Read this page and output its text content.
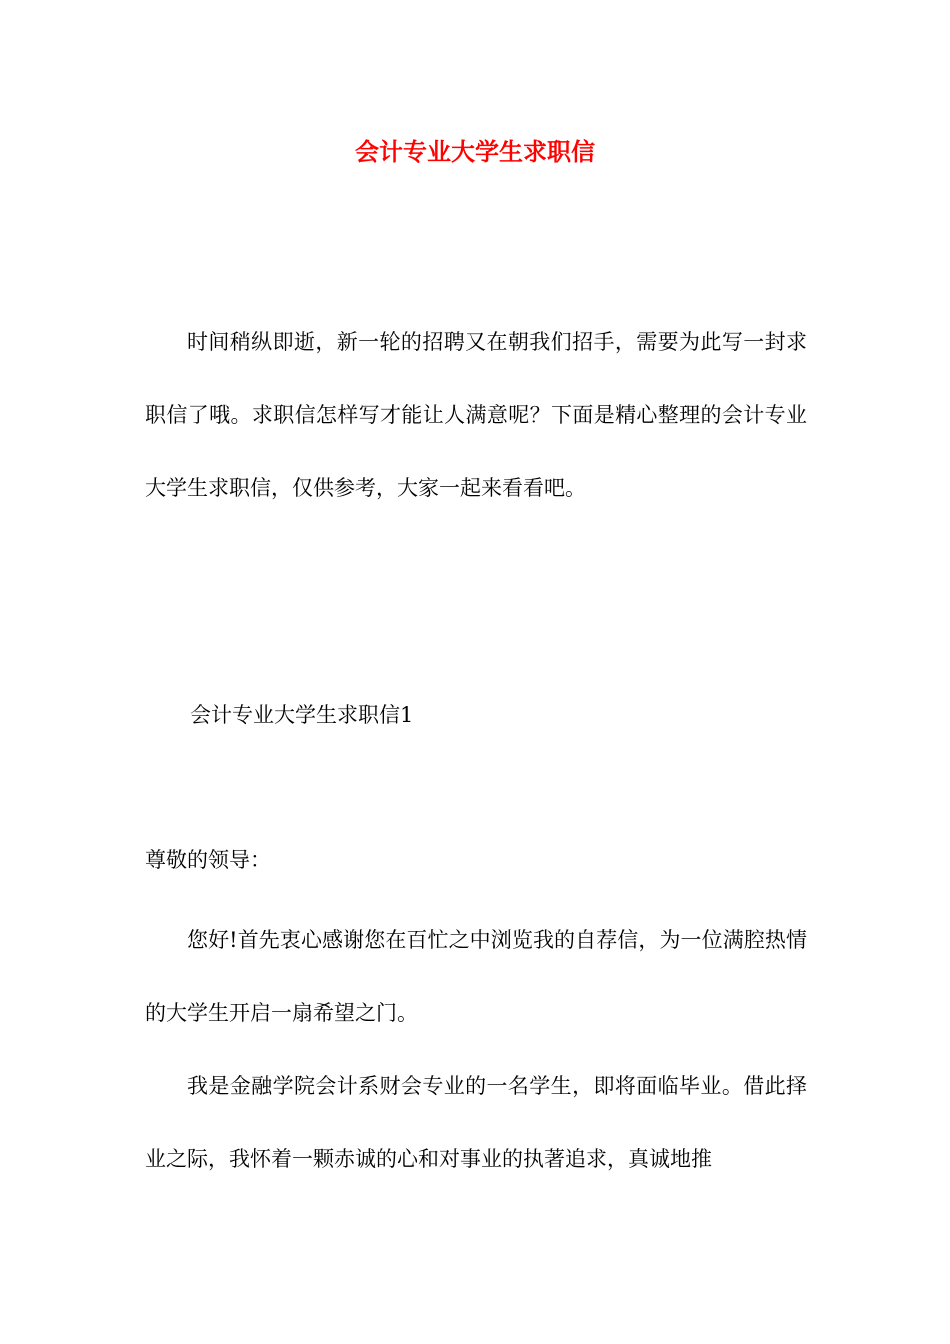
会计专业大学生求职信

时间稍纵即逝，新一轮的招聘又在朝我们招手，需要为此写一封求职信了哦。求职信怎样写才能让人满意呢？下面是精心整理的会计专业大学生求职信，仅供参考，大家一起来看看吧。

会计专业大学生求职信1

尊敬的领导：

您好!首先衷心感谢您在百忙之中浏览我的自荐信，为一位满腔热情的大学生开启一扇希望之门。

我是金融学院会计系财会专业的一名学生，即将面临毕业。借此择业之际，我怀着一颗赤诚的心和对事业的执著追求，真诚地推
